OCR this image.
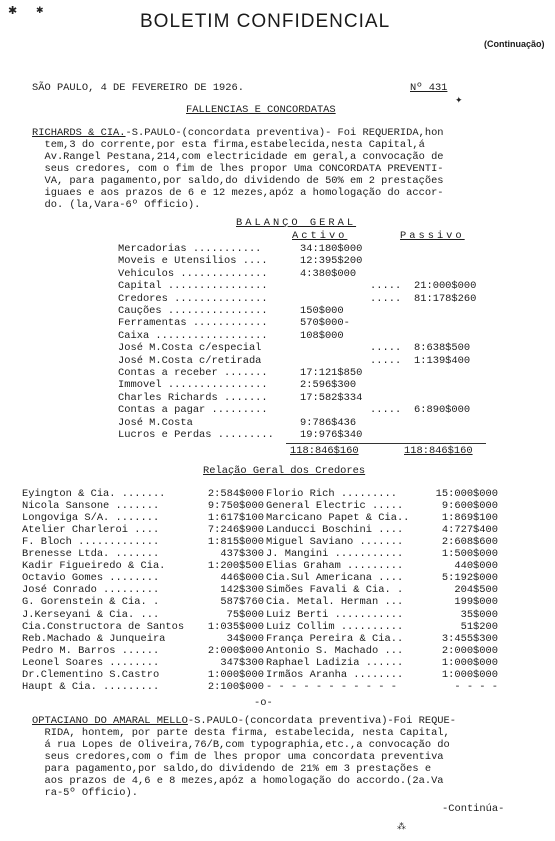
✱ ✱
✦
⁂
BOLETIM CONFIDENCIAL
(Continuação)
SÃO PAULO, 4 DE FEVEREIRO DE 1926.	Nº 431
FALLENCIAS E CONCORDATAS
RICHARDS & CIA.-S.PAULO-(concordata preventiva)- Foi REQUERIDA,hon
tem,3 do corrente,por esta firma,estabelecida,nesta Capital,á
Av.Rangel Pestana,214,com electricidade em geral,a convocação de
seus credores, com o fim de lhes propor Uma CONCORDATA PREVENTI-
VA, para pagamento,por saldo,do dividendo de 50% em 2 prestações
iguaes e aos prazos de 6 e 12 mezes,apóz a homologação do accor-
do. (la,Vara-6º Officio).
BALANÇO GERAL
Activo	Passivo
Mercadorias ...........	34:180$000
Moveis e Utensilios ....	12:395$200
Vehiculos ..............	4:380$000
Capital ................	..... 21:000$000
Credores ...............	..... 81:178$260
Cauções ................	150$000
Ferramentas ............	570$000-
Caixa ..................	108$000
José M.Costa c/especial	..... 8:638$500
José M.Costa c/retirada	..... 1:139$400
Contas a receber .......	17:121$850
Immovel ................	2:596$300
Charles Richards .......	17:582$334
Contas a pagar .........	..... 6:890$000
José M.Costa	9:786$436
Lucros e Perdas .........	19:976$340
118:846$160	118:846$160
Relação Geral dos Credores
Eyington & Cia. .......	2:584$000 Florio Rich .........	15:000$000
Nicola Sansone .......	9:750$000 General Electric .....	9:600$000
Longoviga S/A. .......	1:617$100 Marcicano Papet & Cia..	1:869$100
Atelier Charleroi ....	7:246$900 Landucci Boschini ....	4:727$400
F. Bloch .............	1:815$000 Miguel Saviano .......	2:608$600
Brenesse Ltda. .......	437$300 J. Mangini ...........	1:500$000
Kadir Figueiredo & Cia.	1:200$500 Elias Graham .........	440$000
Octavio Gomes ........	446$000 Cia.Sul Americana ....	5:192$000
José Conrado .........	142$300 Simões Favali & Cia. .	204$500
G. Gorenstein & Cia. .	587$760 Cia. Metal. Herman ...	199$000
J.Kerseyani & Cia. ...	75$000 Luiz Berti ...........	35$000
Cia.Constructora de Santos	1:035$000 Luiz Collim ..........	51$200
Reb.Machado & Junqueira	34$000 França Pereira & Cia..	3:455$300
Pedro M. Barros ......	2:000$000 Antonio S. Machado ...	2:000$000
Leonel Soares ........	347$300 Raphael Ladizia ......	1:000$000
Dr.Clementino S.Castro	1:000$000 Irmãos Aranha ........	1:000$000
Haupt & Cia. .........	2:100$000 - - - - - - - - - - -	- - - -
-o-
OPTACIANO DO AMARAL MELLO-S.PAULO-(concordata preventiva)-Foi REQUE-
RIDA, hontem, por parte desta firma, estabelecida, nesta Capital,
á rua Lopes de Oliveira,76/B,com typographia,etc.,a convocação do
seus credores,com o fim de lhes propor uma concordata preventiva
para pagamento,por saldo,do dividendo de 21% em 3 prestações e
aos prazos de 4,6 e 8 mezes,apóz a homologação do accordo.(2a.Va
ra-5º Officio).
-Continúa-
